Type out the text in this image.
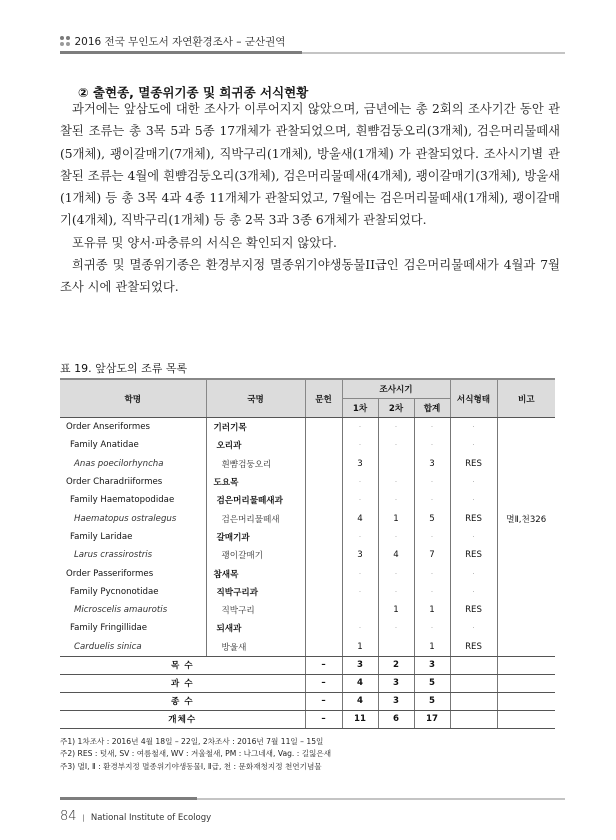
2016 전국 무인도서 자연환경조사 – 군산권역
② 출현종, 멸종위기종 및 희귀종 서식현황

과거에는 앞삼도에 대한 조사가 이루어지지 않았으며, 금년에는 총 2회의 조사기간 동안 관찰된 조류는 총 3목 5과 5종 17개체가 관찰되었으며, 흰뺨검둥오리(3개체), 검은머리물떼새(5개체), 괭이갈매기(7개체), 직박구리(1개체), 방울새(1개체) 가 관찰되었다. 조사시기별 관찰된 조류는 4월에 흰뺨검둥오리(3개체), 검은머리물떼새(4개체), 괭이갈매기(3개체), 방울새(1개체) 등 총 3목 4과 4종 11개체가 관찰되었고, 7월에는 검은머리물떼새(1개체), 괭이갈매기(4개체), 직박구리(1개체) 등 총 2목 3과 3종 6개체가 관찰되었다.

포유류 및 양서·파충류의 서식은 확인되지 않았다.

희귀종 및 멸종위기종은 환경부지정 멸종위기야생동물II급인 검은머리물떼새가 4월과 7월 조사 시에 관찰되었다.

표 19. 앞삼도의 조류 목록
학명	국명	문헌	조사시기			서식형태	비고
			1차	2차	합계		
Order Anseriformes	기러기목		·	·	·	·	
Family Anatidae	오리과		·	·	·	·	
Anas poecilorhyncha	흰뺨검둥오리		3		3	RES	
Order Charadriiformes	도요목		·	·	·	·	
Family Haematopodidae	검은머리물떼새과		·	·	·	·	
Haematopus ostralegus	검은머리물떼새		4	1	5	RES	멸Ⅱ,천326
Family Laridae	갈매기과		·	·	·	·	
Larus crassirostris	괭이갈매기		3	4	7	RES	
Order Passeriformes	참새목		·	·	·	·	
Family Pycnonotidae	직박구리과		·	·	·	·	
Microscelis amaurotis	직박구리			1	1	RES	
Family Fringillidae	되새과		·	·	·	·	
Carduelis sinica	방울새		1		1	RES	
목 수		–	3	2	3		
과 수		–	4	3	5		
종 수		–	4	3	5		
개체수		–	11	6	17		
주1) 1차조사 : 2016년 4월 18일 – 22일, 2차조사 : 2016년 7월 11일 – 15일
주2) RES : 텃새, SV : 여름철새, WV : 겨울철새, PM : 나그네새, Vag. : 길잃은새
주3) 멸Ⅰ, Ⅱ : 환경부지정 멸종위기야생동물Ⅰ, Ⅱ급, 천 : 문화재청지정 천연기념물
84 | National Institute of Ecology
